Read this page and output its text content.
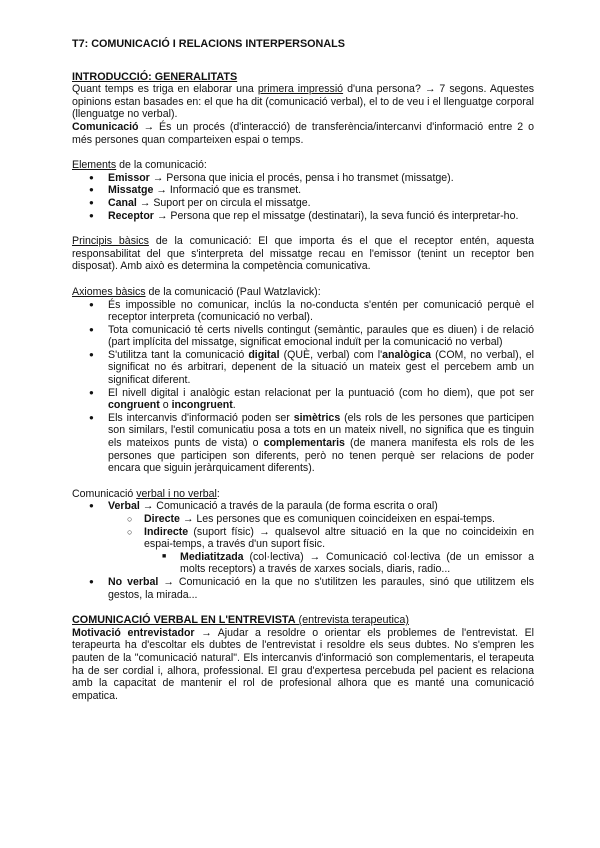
T7: COMUNICACIÓ I RELACIONS INTERPERSONALS

INTRODUCCIÓ: GENERALITATS

Quant temps es triga en elaborar una primera impressió d'una persona? → 7 segons. Aquestes opinions estan basades en: el que ha dit (comunicació verbal), el to de veu i el llenguatge corporal (llenguatge no verbal).

Comunicació → És un procés (d'interacció) de transferència/intercanvi d'informació entre 2 o més persones quan comparteixen espai o temps.

Elements de la comunicació:

● Emissor → Persona que inicia el procés, pensa i ho transmet (missatge).
● Missatge → Informació que es transmet.
● Canal → Suport per on circula el missatge.
● Receptor → Persona que rep el missatge (destinatari), la seva funció és interpretar-ho.

Principis bàsics de la comunicació: El que importa és el que el receptor entén, aquesta responsabilitat del que s'interpreta del missatge recau en l'emissor (tenint un receptor ben disposat). Amb això es determina la competència comunicativa.

Axiomes bàsics de la comunicació (Paul Watzlavick):

● És impossible no comunicar, inclús la no-conducta s'entén per comunicació perquè el receptor interpreta (comunicació no verbal).
● Tota comunicació té certs nivells contingut (semàntic, paraules que es diuen) i de relació (part implícita del missatge, significat emocional induït per la comunicació no verbal)
● S'utilitza tant la comunicació digital (QUÈ, verbal) com l'analògica (COM, no verbal), el significat no és arbitrari, depenent de la situació un mateix gest el percebem amb un significat diferent.
● El nivell digital i analògic estan relacionat per la puntuació (com ho diem), que pot ser congruent o incongruent.
● Els intercanvis d'informació poden ser simètrics (els rols de les persones que participen son similars, l'estil comunicatiu posa a tots en un mateix nivell, no significa que es tinguin els mateixos punts de vista) o complementaris (de manera manifesta els rols de les persones que participen son diferents, però no tenen perquè ser relacions de poder encara que siguin jeràrquicament diferents).

Comunicació verbal i no verbal:

● Verbal → Comunicació a través de la paraula (de forma escrita o oral)
○ Directe → Les persones que es comuniquen coincideixen en espai-temps.
○ Indirecte (suport físic) → qualsevol altre situació en la que no coincideixin en espai-temps, a través d'un suport físic.
■ Mediatitzada (col·lectiva) → Comunicació col·lectiva (de un emissor a molts receptors) a través de xarxes socials, diaris, radio...
● No verbal → Comunicació en la que no s'utilitzen les paraules, sinó que utilitzem els gestos, la mirada...

COMUNICACIÓ VERBAL EN L'ENTREVISTA (entrevista terapeutica)

Motivació entrevistador → Ajudar a resoldre o orientar els problemes de l'entrevistat. El terapeurta ha d'escoltar els dubtes de l'entrevistat i resoldre els seus dubtes. No s'empren les pauten de la "comunicació natural". Els intercanvis d'informació son complementaris, el terapeuta ha de ser cordial i, alhora, professional. El grau d'expertesa percebuda pel pacient es relaciona amb la capacitat de mantenir el rol de profesional alhora que es manté una comunicació empatica.
